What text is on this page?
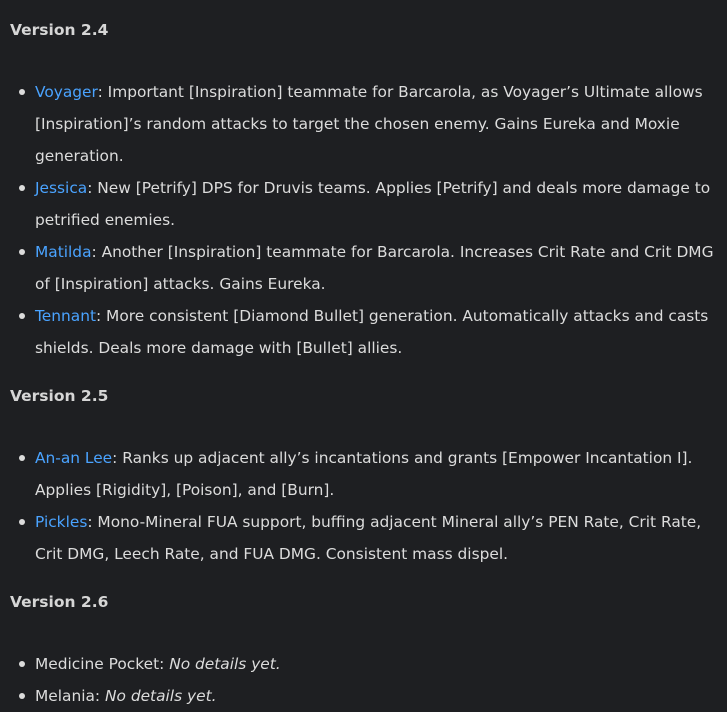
Version 2.4
Voyager: Important [Inspiration] teammate for Barcarola, as Voyager’s Ultimate allows [Inspiration]’s random attacks to target the chosen enemy. Gains Eureka and Moxie generation.
Jessica: New [Petrify] DPS for Druvis teams. Applies [Petrify] and deals more damage to petrified enemies.
Matilda: Another [Inspiration] teammate for Barcarola. Increases Crit Rate and Crit DMG of [Inspiration] attacks. Gains Eureka.
Tennant: More consistent [Diamond Bullet] generation. Automatically attacks and casts shields. Deals more damage with [Bullet] allies.
Version 2.5
An-an Lee: Ranks up adjacent ally’s incantations and grants [Empower Incantation I]. Applies [Rigidity], [Poison], and [Burn].
Pickles: Mono-Mineral FUA support, buffing adjacent Mineral ally’s PEN Rate, Crit Rate, Crit DMG, Leech Rate, and FUA DMG. Consistent mass dispel.
Version 2.6
Medicine Pocket: No details yet.
Melania: No details yet.
